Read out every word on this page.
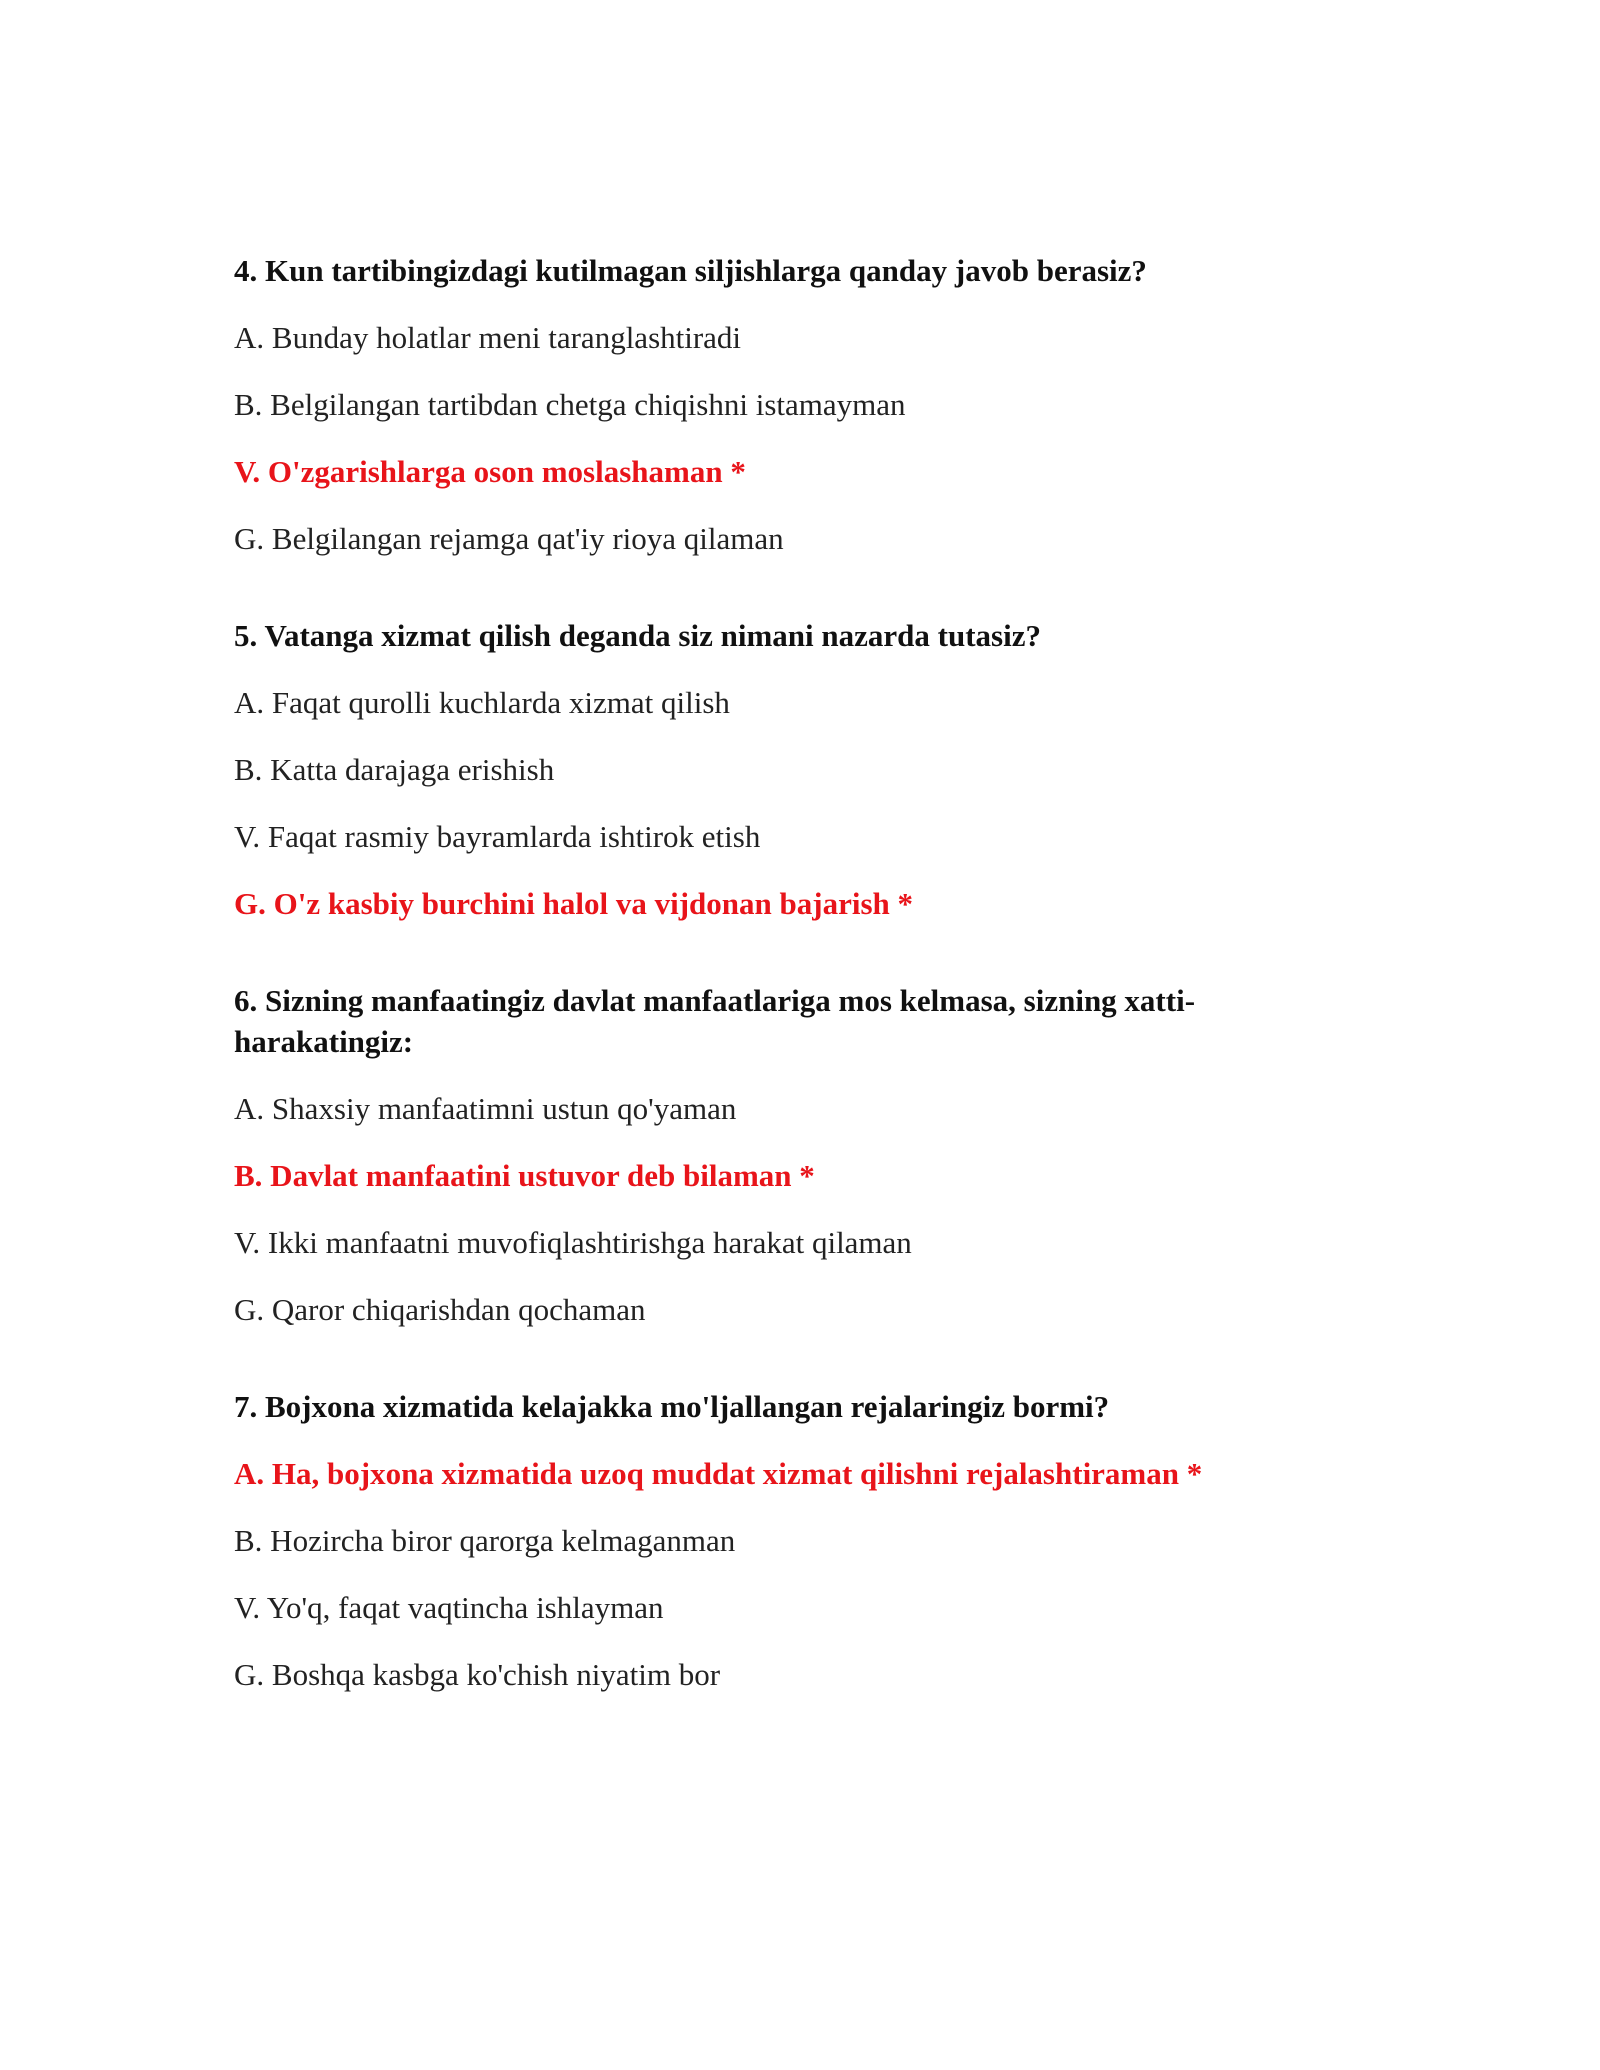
4. Kun tartibingizdagi kutilmagan siljishlarga qanday javob berasiz?

A. Bunday holatlar meni taranglashtiradi

B. Belgilangan tartibdan chetga chiqishni istamayman

V. O'zgarishlarga oson moslashaman *

G. Belgilangan rejamga qat'iy rioya qilaman

5. Vatanga xizmat qilish deganda siz nimani nazarda tutasiz?

A. Faqat qurolli kuchlarda xizmat qilish

B. Katta darajaga erishish

V. Faqat rasmiy bayramlarda ishtirok etish

G. O'z kasbiy burchini halol va vijdonan bajarish *

6. Sizning manfaatingiz davlat manfaatlariga mos kelmasa, sizning xatti-harakatingiz:

A. Shaxsiy manfaatimni ustun qo'yaman

B. Davlat manfaatini ustuvor deb bilaman *

V. Ikki manfaatni muvofiqlashtirishga harakat qilaman

G. Qaror chiqarishdan qochaman

7. Bojxona xizmatida kelajakka mo'ljallangan rejalaringiz bormi?

A. Ha, bojxona xizmatida uzoq muddat xizmat qilishni rejalashtiraman *

B. Hozircha biror qarorga kelmaganman

V. Yo'q, faqat vaqtincha ishlayman

G. Boshqa kasbga ko'chish niyatim bor
